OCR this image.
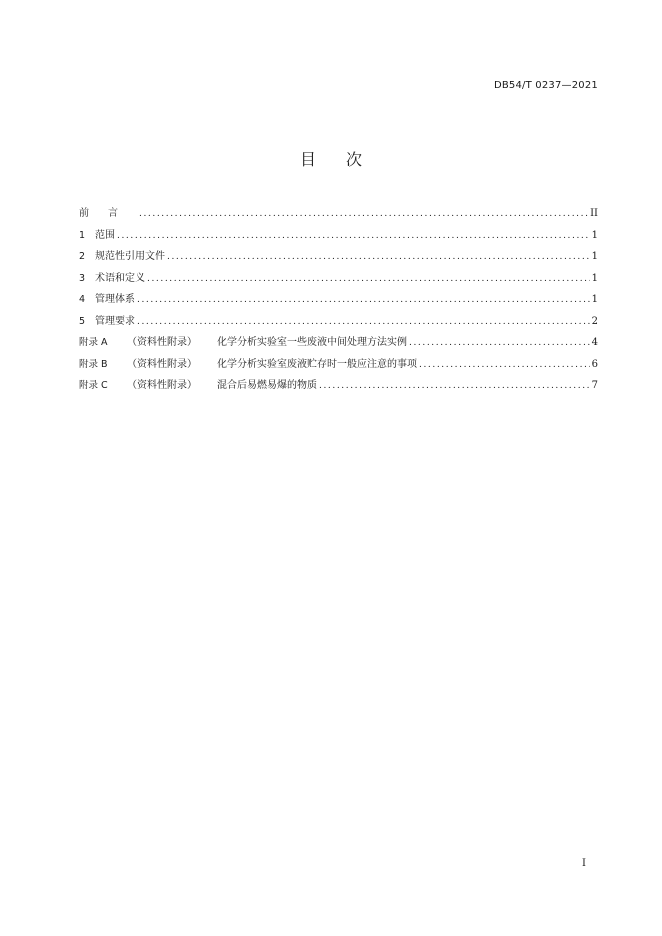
DB54/T 0237—2021
目次
前言 .....	II
1 范围 .....	1
2 规范性引用文件 .....	1
3 术语和定义 .....	1
4 管理体系 .....	1
5 管理要求 .....	2
附录 A	（资料性附录）	化学分析实验室一些废液中间处理方法实例 .....	4
附录 B	（资料性附录）	化学分析实验室废液贮存时一般应注意的事项 .....	6
附录 C	（资料性附录）	混合后易燃易爆的物质 .....	7
I
